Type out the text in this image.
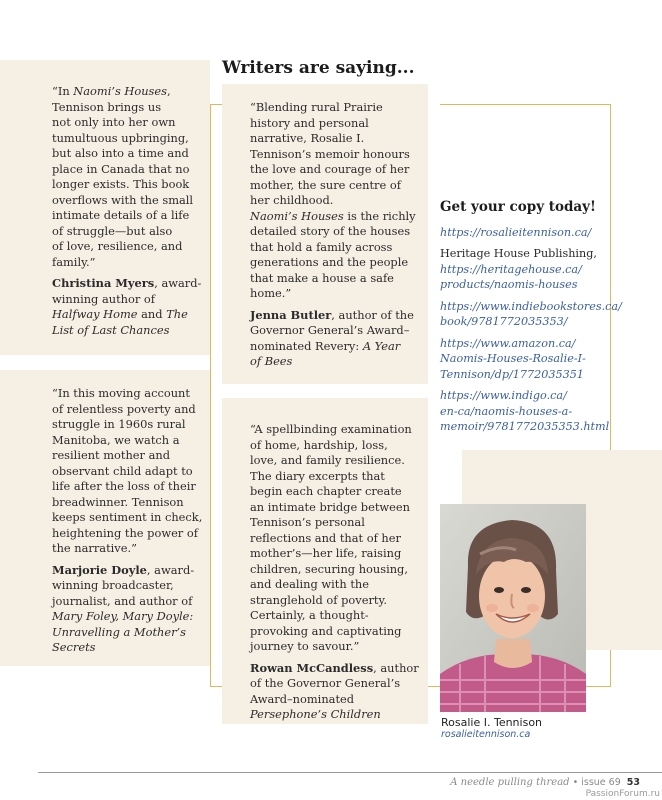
Writers are saying...

“In Naomi’s Houses,
Tennison brings us
not only into her own
tumultuous upbringing,
but also into a time and
place in Canada that no
longer exists. This book
overflows with the small
intimate details of a life
of struggle—but also
of love, resilience, and
family.”

Christina Myers, award-
winning author of
Halfway Home and The
List of Last Chances

“Blending rural Prairie
history and personal
narrative, Rosalie I.
Tennison’s memoir honours
the love and courage of her
mother, the sure centre of
her childhood.
Naomi’s Houses is the richly
detailed story of the houses
that hold a family across
generations and the people
that make a house a safe
home.”

Jenna Butler, author of the
Governor General’s Award–
nominated Revery: A Year
of Bees

“In this moving account
of relentless poverty and
struggle in 1960s rural
Manitoba, we watch a
resilient mother and
observant child adapt to
life after the loss of their
breadwinner. Tennison
keeps sentiment in check,
heightening the power of
the narrative.”

Marjorie Doyle, award-
winning broadcaster,
journalist, and author of
Mary Foley, Mary Doyle:
Unravelling a Mother’s
Secrets

“A spellbinding examination
of home, hardship, loss,
love, and family resilience.
The diary excerpts that
begin each chapter create
an intimate bridge between
Tennison’s personal
reflections and that of her
mother’s—her life, raising
children, securing housing,
and dealing with the
stranglehold of poverty.
Certainly, a thought-
provoking and captivating
journey to savour.”

Rowan McCandless, author
of the Governor General’s
Award–nominated
Persephone’s Children

Get your copy today!
https://rosalieitennison.ca/
Heritage House Publishing,
https://heritagehouse.ca/
products/naomis-houses
https://www.indiebookstores.ca/
book/9781772035353/
https://www.amazon.ca/
Naomis-Houses-Rosalie-I-
Tennison/dp/1772035351
https://www.indigo.ca/
en-ca/naomis-houses-a-
memoir/9781772035353.html
Rosalie I. Tennison
rosalieitennison.ca
A needle pulling thread • issue 69 53
PassionForum.ru
